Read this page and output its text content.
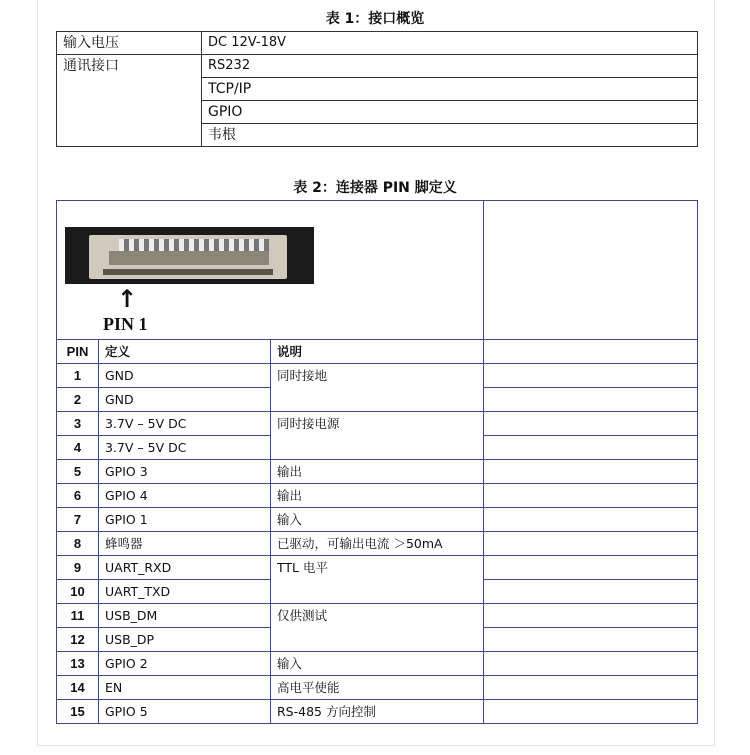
表 1：接口概览
输入电压	DC 12V-18V
通讯接口	RS232
	TCP/IP
	GPIO
	韦根
表 2：连接器 PIN 脚定义
↑
PIN 1			

PIN	定义	说明	
1	GND	同时接地	
2	GND		
3	3.7V – 5V DC	同时接电源	
4	3.7V – 5V DC		
5	GPIO 3	输出	
6	GPIO 4	输出	
7	GPIO 1	输入	
8	蜂鸣器	已驱动，可输出电流 ＞50mA	
9	UART_RXD	TTL 电平	
10	UART_TXD		
11	USB_DM	仅供测试	
12	USB_DP		
13	GPIO 2	输入	
14	EN	高电平使能	
15	GPIO 5	RS-485 方向控制	
